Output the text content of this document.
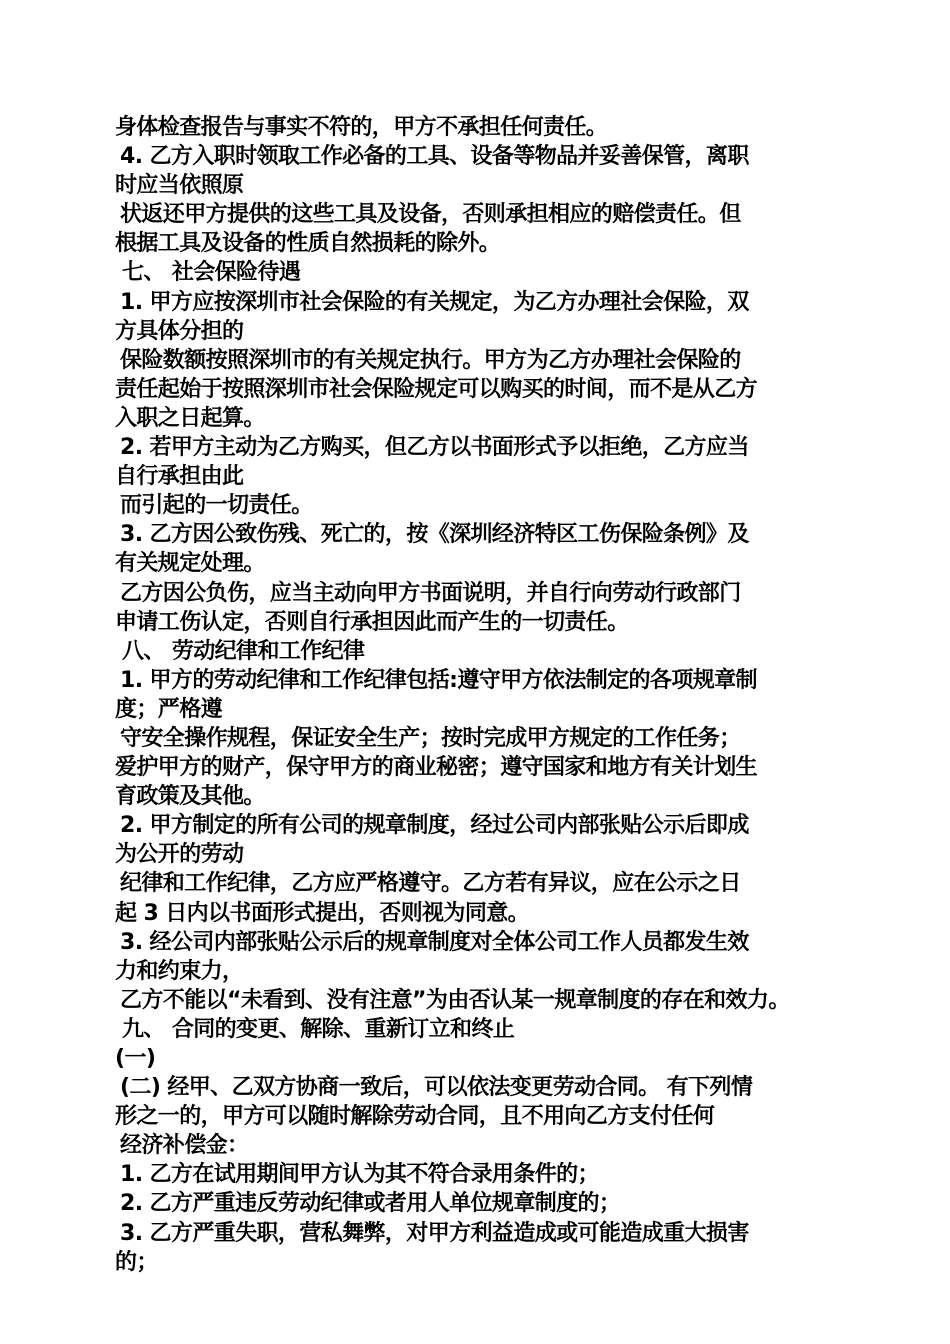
身体检查报告与事实不符的，甲方不承担任何责任。
4. 乙方入职时领取工作必备的工具、设备等物品并妥善保管，离职
时应当依照原
状返还甲方提供的这些工具及设备，否则承担相应的赔偿责任。但
根据工具及设备的性质自然损耗的除外。
七、 社会保险待遇
1. 甲方应按深圳市社会保险的有关规定，为乙方办理社会保险，双
方具体分担的
保险数额按照深圳市的有关规定执行。甲方为乙方办理社会保险的
责任起始于按照深圳市社会保险规定可以购买的时间，而不是从乙方
入职之日起算。
2. 若甲方主动为乙方购买，但乙方以书面形式予以拒绝，乙方应当
自行承担由此
而引起的一切责任。
3. 乙方因公致伤残、死亡的，按《深圳经济特区工伤保险条例》及
有关规定处理。
乙方因公负伤，应当主动向甲方书面说明，并自行向劳动行政部门
申请工伤认定，否则自行承担因此而产生的一切责任。
八、 劳动纪律和工作纪律
1. 甲方的劳动纪律和工作纪律包括:遵守甲方依法制定的各项规章制
度；严格遵
守安全操作规程，保证安全生产；按时完成甲方规定的工作任务；
爱护甲方的财产，保守甲方的商业秘密；遵守国家和地方有关计划生
育政策及其他。
2. 甲方制定的所有公司的规章制度，经过公司内部张贴公示后即成
为公开的劳动
纪律和工作纪律，乙方应严格遵守。乙方若有异议，应在公示之日
起 3 日内以书面形式提出，否则视为同意。
3. 经公司内部张贴公示后的规章制度对全体公司工作人员都发生效
力和约束力，
乙方不能以“未看到、没有注意”为由否认某一规章制度的存在和效力。
九、 合同的变更、解除、重新订立和终止
(一)
(二) 经甲、乙双方协商一致后，可以依法变更劳动合同。 有下列情
形之一的，甲方可以随时解除劳动合同，且不用向乙方支付任何
经济补偿金：
1. 乙方在试用期间甲方认为其不符合录用条件的；
2. 乙方严重违反劳动纪律或者用人单位规章制度的；
3. 乙方严重失职，营私舞弊，对甲方利益造成或可能造成重大损害
的；
